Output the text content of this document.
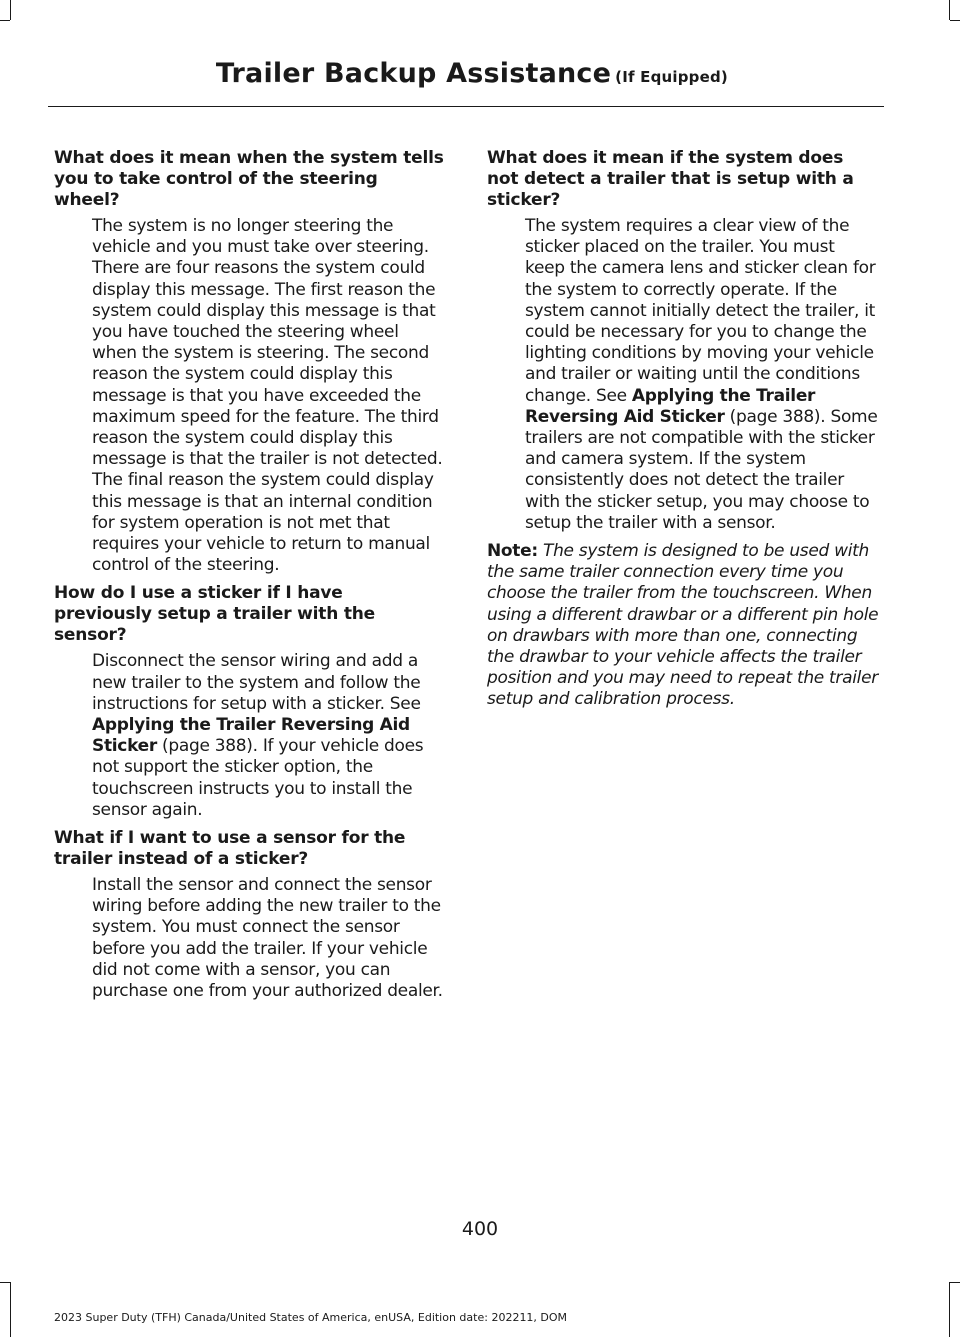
Trailer Backup Assistance (If Equipped)

What does it mean when the system tells you to take control of the steering wheel?

The system is no longer steering the vehicle and you must take over steering. There are four reasons the system could display this message. The first reason the system could display this message is that you have touched the steering wheel when the system is steering. The second reason the system could display this message is that you have exceeded the maximum speed for the feature. The third reason the system could display this message is that the trailer is not detected. The final reason the system could display this message is that an internal condition for system operation is not met that requires your vehicle to return to manual control of the steering.

How do I use a sticker if I have previously setup a trailer with the sensor?

Disconnect the sensor wiring and add a new trailer to the system and follow the instructions for setup with a sticker. See Applying the Trailer Reversing Aid Sticker (page 388). If your vehicle does not support the sticker option, the touchscreen instructs you to install the sensor again.

What if I want to use a sensor for the trailer instead of a sticker?

Install the sensor and connect the sensor wiring before adding the new trailer to the system. You must connect the sensor before you add the trailer. If your vehicle did not come with a sensor, you can purchase one from your authorized dealer.

What does it mean if the system does not detect a trailer that is setup with a sticker?

The system requires a clear view of the sticker placed on the trailer. You must keep the camera lens and sticker clean for the system to correctly operate. If the system cannot initially detect the trailer, it could be necessary for you to change the lighting conditions by moving your vehicle and trailer or waiting until the conditions change. See Applying the Trailer Reversing Aid Sticker (page 388). Some trailers are not compatible with the sticker and camera system. If the system consistently does not detect the trailer with the sticker setup, you may choose to setup the trailer with a sensor.

Note: The system is designed to be used with the same trailer connection every time you choose the trailer from the touchscreen. When using a different drawbar or a different pin hole on drawbars with more than one, connecting the drawbar to your vehicle affects the trailer position and you may need to repeat the trailer setup and calibration process.

400
2023 Super Duty (TFH) Canada/United States of America, enUSA, Edition date: 202211, DOM
